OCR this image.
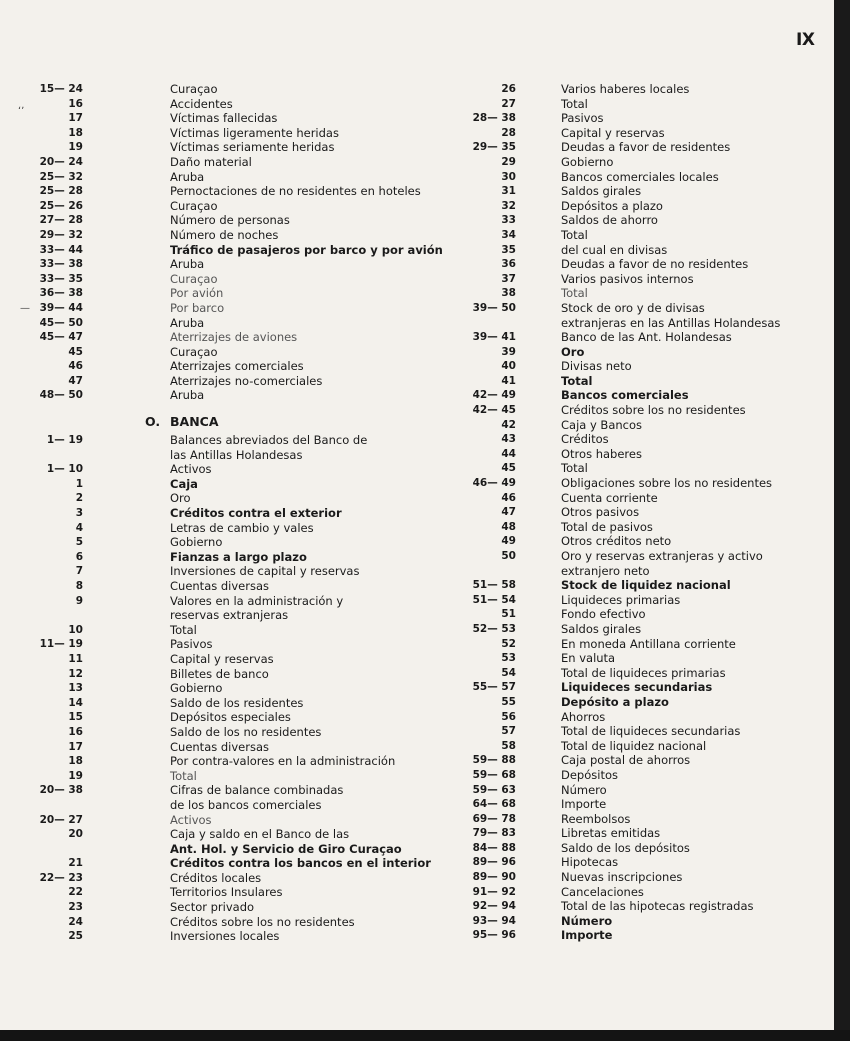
IX
ʻʼ
—
15— 24	Curaçao
16	Accidentes
17	Víctimas fallecidas
18	Víctimas ligeramente heridas
19	Víctimas seriamente heridas
20— 24	Daño material
25— 32	Aruba
25— 28	Pernoctaciones de no residentes en hoteles
25— 26	Curaçao
27— 28	Número de personas
29— 32	Número de noches
33— 44	Tráfico de pasajeros por barco y por avión
33— 38	Aruba
33— 35	Curaçao
36— 38	Por avión
39— 44	Por barco
45— 50	Aruba
45— 47	Aterrizajes de aviones
45	Curaçao
46	Aterrizajes comerciales
47	Aterrizajes no-comerciales
48— 50	Aruba
O. BANCA
1— 19	Balances abreviados del Banco de
las Antillas Holandesas
1— 10	Activos
1	Caja
2	Oro
3	Créditos contra el exterior
4	Letras de cambio y vales
5	Gobierno
6	Fianzas a largo plazo
7	Inversiones de capital y reservas
8	Cuentas diversas
9	Valores en la administración y
reservas extranjeras
10	Total
11— 19	Pasivos
11	Capital y reservas
12	Billetes de banco
13	Gobierno
14	Saldo de los residentes
15	Depósitos especiales
16	Saldo de los no residentes
17	Cuentas diversas
18	Por contra-valores en la administración
19	Total
20— 38	Cifras de balance combinadas
de los bancos comerciales
20— 27	Activos
20	Caja y saldo en el Banco de las
Ant. Hol. y Servicio de Giro Curaçao
21	Créditos contra los bancos en el interior
22— 23	Créditos locales
22	Territorios Insulares
23	Sector privado
24	Créditos sobre los no residentes
25	Inversiones locales
26	Varios haberes locales
27	Total
28— 38	Pasivos
28	Capital y reservas
29— 35	Deudas a favor de residentes
29	Gobierno
30	Bancos comerciales locales
31	Saldos girales
32	Depósitos a plazo
33	Saldos de ahorro
34	Total
35	del cual en divisas
36	Deudas a favor de no residentes
37	Varios pasivos internos
38	Total
39— 50	Stock de oro y de divisas
extranjeras en las Antillas Holandesas
39— 41	Banco de las Ant. Holandesas
39	Oro
40	Divisas neto
41	Total
42— 49	Bancos comerciales
42— 45	Créditos sobre los no residentes
42	Caja y Bancos
43	Créditos
44	Otros haberes
45	Total
46— 49	Obligaciones sobre los no residentes
46	Cuenta corriente
47	Otros pasivos
48	Total de pasivos
49	Otros créditos neto
50	Oro y reservas extranjeras y activo
extranjero neto
51— 58	Stock de liquidez nacional
51— 54	Liquideces primarias
51	Fondo efectivo
52— 53	Saldos girales
52	En moneda Antillana corriente
53	En valuta
54	Total de liquideces primarias
55— 57	Liquideces secundarias
55	Depósito a plazo
56	Ahorros
57	Total de liquideces secundarias
58	Total de liquidez nacional
59— 88	Caja postal de ahorros
59— 68	Depósitos
59— 63	Número
64— 68	Importe
69— 78	Reembolsos
79— 83	Libretas emitidas
84— 88	Saldo de los depósitos
89— 96	Hipotecas
89— 90	Nuevas inscripciones
91— 92	Cancelaciones
92— 94	Total de las hipotecas registradas
93— 94	Número
95— 96	Importe
